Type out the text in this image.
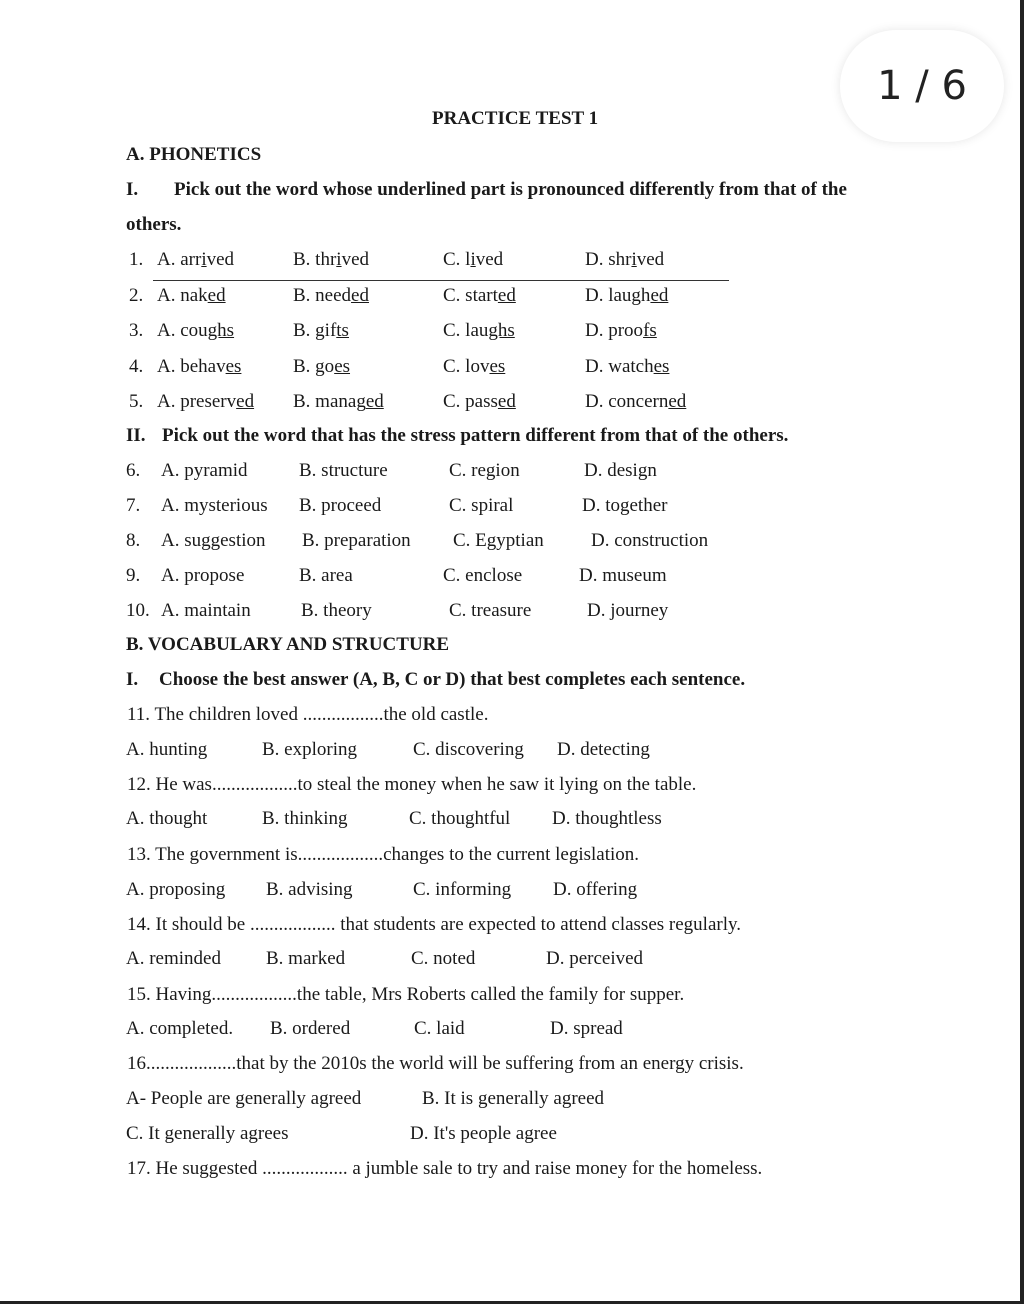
1 / 6
PRACTICE TEST 1
A. PHONETICS
I. Pick out the word whose underlined part is pronounced differently from that of the
others.
1. A. arrived	B. thrived	C. lived	D. shrived
2. A. naked	B. needed	C. started	D. laughed
3. A. coughs	B. gifts	C. laughs	D. proofs
4. A. behaves	B. goes	C. loves	D. watches
5. A. preserved B. managed	C. passed	D. concerned
II. Pick out the word that has the stress pattern different from that of the others.
6. A. pyramid	B. structure	C. region	D. design
7. A. mysterious B. proceed	C. spiral	D. together
8. A. suggestion B. preparation C. Egyptian D. construction
9. A. propose	B. area	C. enclose	D. museum
10. A. maintain	B. theory	C. treasure	D. journey
B. VOCABULARY AND STRUCTURE
I. Choose the best answer (A, B, C or D) that best completes each sentence.
11. The children loved .................the old castle.
A. hunting	B. exploring	C. discovering D. detecting
12. He was..................to steal the money when he saw it lying on the table.
A. thought	B. thinking	C. thoughtful D. thoughtless
13. The government is..................changes to the current legislation.
A. proposing B. advising	C. informing D. offering
14. It should be .................. that students are expected to attend classes regularly.
A. reminded B. marked	C. noted	D. perceived
15. Having..................the table, Mrs Roberts called the family for supper.
A. completed. B. ordered	C. laid	D. spread
16...................that by the 2010s the world will be suffering from an energy crisis.
A- People are generally agreed	B. It is generally agreed
C. It generally agrees	D. It's people agree
17. He suggested .................. a jumble sale to try and raise money for the homeless.
